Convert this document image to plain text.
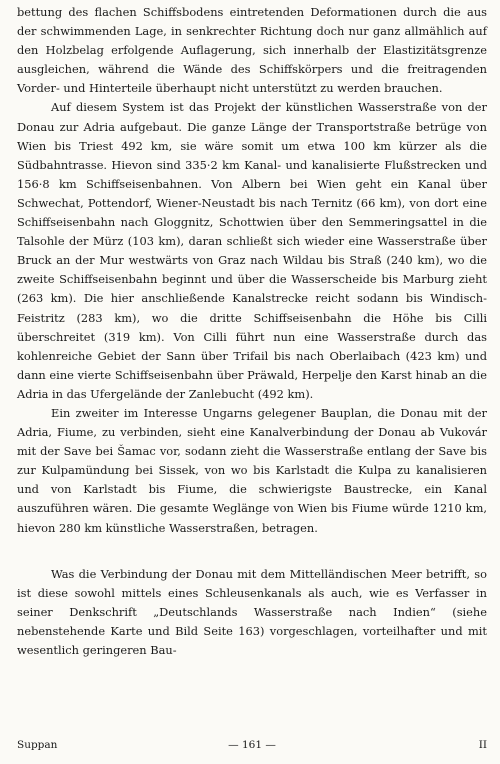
bettung des flachen Schiffsbodens eintretenden Deformationen durch die aus der schwimmenden Lage, in senkrechter Richtung doch nur ganz allmählich auf den Holzbelag erfolgende Auflagerung, sich innerhalb der Elastizitätsgrenze ausgleichen, während die Wände des Schiffskörpers und die freitragenden Vorder- und Hinterteile überhaupt nicht unterstützt zu werden brauchen.

Auf diesem System ist das Projekt der künstlichen Wasserstraße von der Donau zur Adria aufgebaut. Die ganze Länge der Transportstraße betrüge von Wien bis Triest 492 km, sie wäre somit um etwa 100 km kürzer als die Südbahntrasse. Hievon sind 335·2 km Kanal- und kanalisierte Flußstrecken und 156·8 km Schiffseisenbahnen. Von Albern bei Wien geht ein Kanal über Schwechat, Pottendorf, Wiener-Neustadt bis nach Ternitz (66 km), von dort eine Schiffseisenbahn nach Gloggnitz, Schottwien über den Semmeringsattel in die Talsohle der Mürz (103 km), daran schließt sich wieder eine Wasserstraße über Bruck an der Mur westwärts von Graz nach Wildau bis Straß (240 km), wo die zweite Schiffseisenbahn beginnt und über die Wasserscheide bis Marburg zieht (263 km). Die hier anschließende Kanalstrecke reicht sodann bis Windisch-Feistritz (283 km), wo die dritte Schiffseisenbahn die Höhe bis Cilli überschreitet (319 km). Von Cilli führt nun eine Wasserstraße durch das kohlenreiche Gebiet der Sann über Trifail bis nach Oberlaibach (423 km) und dann eine vierte Schiffseisenbahn über Präwald, Herpelje den Karst hinab an die Adria in das Ufergelände der Zanlebucht (492 km).

Ein zweiter im Interesse Ungarns gelegener Bauplan, die Donau mit der Adria, Fiume, zu verbinden, sieht eine Kanalverbindung der Donau ab Vukovár mit der Save bei Šamac vor, sodann zieht die Wasserstraße entlang der Save bis zur Kulpamündung bei Sissek, von wo bis Karlstadt die Kulpa zu kanalisieren und von Karlstadt bis Fiume, die schwierigste Baustrecke, ein Kanal auszuführen wären. Die gesamte Weglänge von Wien bis Fiume würde 1210 km, hievon 280 km künstliche Wasserstraßen, betragen.

Was die Verbindung der Donau mit dem Mittelländischen Meer betrifft, so ist diese sowohl mittels eines Schleusenkanals als auch, wie es Verfasser in seiner Denkschrift „Deutschlands Wasserstraße nach Indien“ (siehe nebenstehende Karte und Bild Seite 163) vorgeschlagen, vorteilhafter und mit wesentlich geringeren Bau-

Suppan	— 161 —	II
